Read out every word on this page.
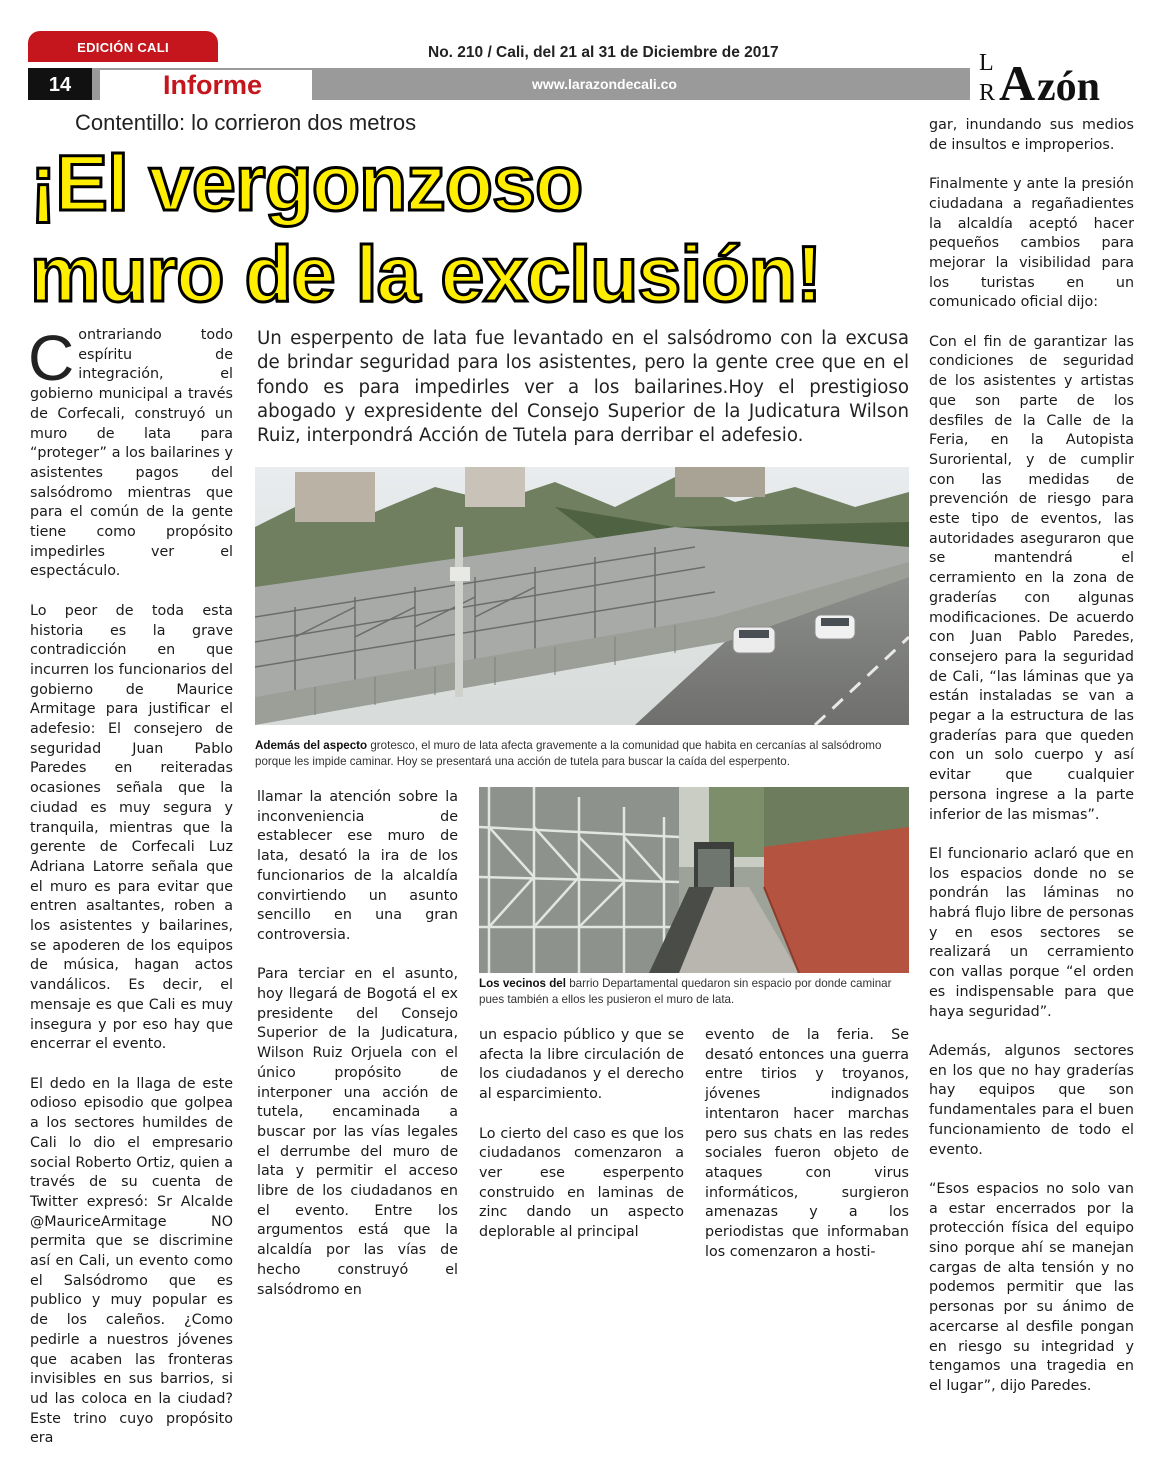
EDICIÓN CALI	No. 210 / Cali, del 21 al 31 de Diciembre de 2017
14	Informe	www.larazondecali.co
L
R A zón
Contentillo: lo corrieron dos metros
¡El vergonzoso
muro de la exclusión!

Contrariando todo espíritu de integración, el gobierno municipal a través de Corfecali, construyó un muro de lata para “proteger” a los bailarines y asistentes pagos del salsódromo mientras que para el común de la gente tiene como propósito impedirles ver el espectáculo.

Lo peor de toda esta historia es la grave contradicción en que incurren los funcionarios del gobierno de Maurice Armitage para justificar el adefesio: El consejero de seguridad Juan Pablo Paredes en reiteradas ocasiones señala que la ciudad es muy segura y tranquila, mientras que la gerente de Corfecali Luz Adriana Latorre señala que el muro es para evitar que entren asaltantes, roben a los asistentes y bailarines, se apoderen de los equipos de música, hagan actos vandálicos. Es decir, el mensaje es que Cali es muy insegura y por eso hay que encerrar el evento.

El dedo en la llaga de este odioso episodio que golpea a los sectores humildes de Cali lo dio el empresario social Roberto Ortiz, quien a través de su cuenta de Twitter expresó: Sr Alcalde @MauriceArmitage NO permita que se discrimine así en Cali, un evento como el Salsódromo que es publico y muy popular es de los caleños. ¿Como pedirle a nuestros jóvenes que acaben las fronteras invisibles en sus barrios, si ud las coloca en la ciudad? Este trino cuyo propósito era

Un esperpento de lata fue levantado en el salsódromo con la excusa de brindar seguridad para los asistentes, pero la gente cree que en el fondo es para impedirles ver a los bailarines.Hoy el prestigioso abogado y expresidente del Consejo Superior de la Judicatura Wilson Ruiz, interpondrá Acción de Tutela para derribar el adefesio.
Además del aspecto grotesco, el muro de lata afecta gravemente a la comunidad que habita en cercanías al salsódromo porque les impide caminar. Hoy se presentará una acción de tutela para buscar la caída del esperpento.
Los vecinos del barrio Departamental quedaron sin espacio por donde caminar pues también a ellos les pusieron el muro de lata.

llamar la atención sobre la inconveniencia de establecer ese muro de lata, desató la ira de los funcionarios de la alcaldía convirtiendo un asunto sencillo en una gran controversia.

Para terciar en el asunto, hoy llegará de Bogotá el ex presidente del Consejo Superior de la Judicatura, Wilson Ruiz Orjuela con el único propósito de interponer una acción de tutela, encaminada a buscar por las vías legales el derrumbe del muro de lata y permitir el acceso libre de los ciudadanos en el evento. Entre los argumentos está que la alcaldía por las vías de hecho construyó el salsódromo en

un espacio público y que se afecta la libre circulación de los ciudadanos y el derecho al esparcimiento.

Lo cierto del caso es que los ciudadanos comenzaron a ver ese esperpento construido en laminas de zinc dando un aspecto deplorable al principal

evento de la feria. Se desató entonces una guerra entre tirios y troyanos, jóvenes indignados intentaron hacer marchas pero sus chats en las redes sociales fueron objeto de ataques con virus informáticos, surgieron amenazas y a los periodistas que informaban los comenzaron a hosti-

gar, inundando sus medios de insultos e improperios.

Finalmente y ante la presión ciudadana a regañadientes la alcaldía aceptó hacer pequeños cambios para mejorar la visibilidad para los turistas en un comunicado oficial dijo:

Con el fin de garantizar las condiciones de seguridad de los asistentes y artistas que son parte de los desfiles de la Calle de la Feria, en la Autopista Suroriental, y de cumplir con las medidas de prevención de riesgo para este tipo de eventos, las autoridades aseguraron que se mantendrá el cerramiento en la zona de graderías con algunas modificaciones. De acuerdo con Juan Pablo Paredes, consejero para la seguridad de Cali, “las láminas que ya están instaladas se van a pegar a la estructura de las graderías para que queden con un solo cuerpo y así evitar que cualquier persona ingrese a la parte inferior de las mismas”.

El funcionario aclaró que en los espacios donde no se pondrán las láminas no habrá flujo libre de personas y en esos sectores se realizará un cerramiento con vallas porque “el orden es indispensable para que haya seguridad”.

Además, algunos sectores en los que no hay graderías hay equipos que son fundamentales para el buen funcionamiento de todo el evento.

“Esos espacios no solo van a estar encerrados por la protección física del equipo sino porque ahí se manejan cargas de alta tensión y no podemos permitir que las personas por su ánimo de acercarse al desfile pongan en riesgo su integridad y tengamos una tragedia en el lugar”, dijo Paredes.
